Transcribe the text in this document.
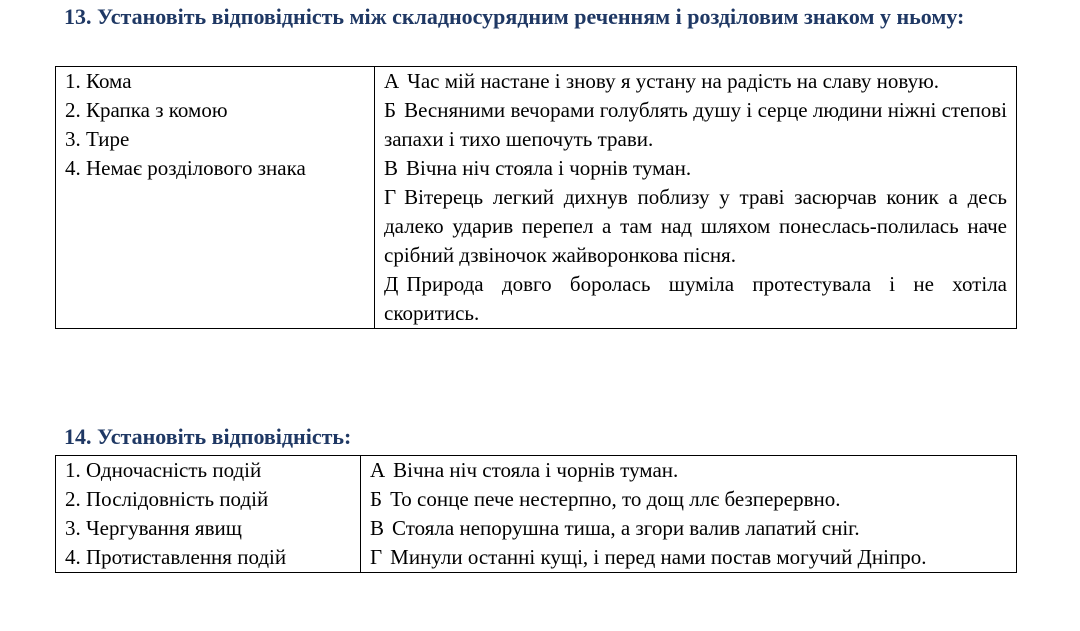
13. Установіть відповідність між складносурядним реченням і розділовим знаком у ньому:
1. Кома
2. Крапка з комою
3. Тире
4. Немає розділового знака

А Час мій настане і знову я устану на радість на славу новую.
Б Весняними вечорами голублять душу і серце людини ніжні степові запахи і тихо шепочуть трави.
В Вічна ніч стояла і чорнів туман.
Г Вітерець легкий дихнув поблизу у траві засюрчав коник а десь далеко ударив перепел а там над шляхом понеслась-полилась наче срібний дзвіночок жайворонкова пісня.
Д Природа довго боролась шуміла протестувала і не хотіла скоритись.
14. Установіть відповідність:
1. Одночасність подій
2. Послідовність подій
3. Чергування явищ
4. Протиставлення подій

А Вічна ніч стояла і чорнів туман.
Б То сонце пече нестерпно, то дощ ллє безперервно.
В Стояла непорушна тиша, а згори валив лапатий сніг.
Г Минули останні кущі, і перед нами постав могучий Дніпро.
